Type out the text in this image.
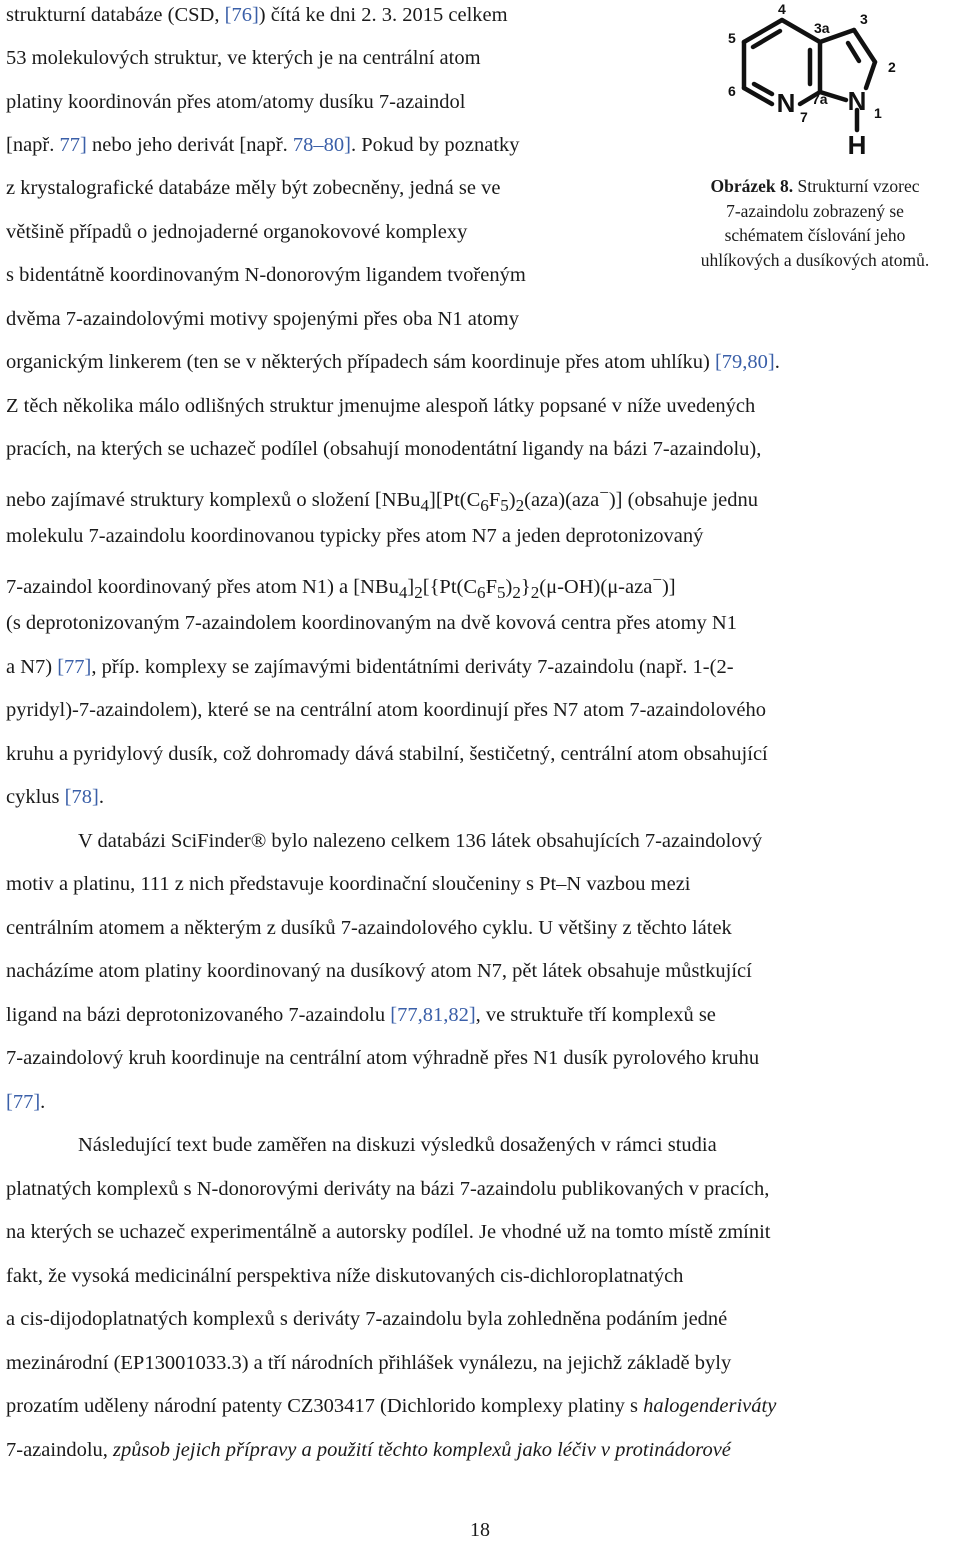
N 7
N 1
H
2
3
3a
4
5
6	7a
Obrázek 8. Strukturní vzorec
7-azaindolu zobrazený se
schématem číslování jeho
uhlíkových a dusíkových atomů.
strukturní databáze (CSD, [76]) čítá ke dni 2. 3. 2015 celkem
53 molekulových struktur, ve kterých je na centrální atom
platiny koordinován přes atom/atomy dusíku 7-azaindol
[např. 77] nebo jeho derivát [např. 78–80]. Pokud by poznatky
z krystalografické databáze měly být zobecněny, jedná se ve
většině případů o jednojaderné organokovové komplexy
s bidentátně koordinovaným N-donorovým ligandem tvořeným
dvěma 7-azaindolovými motivy spojenými přes oba N1 atomy
organickým linkerem (ten se v některých případech sám koordinuje přes atom uhlíku) [79,80].
Z těch několika málo odlišných struktur jmenujme alespoň látky popsané v níže uvedených
pracích, na kterých se uchazeč podílel (obsahují monodentátní ligandy na bázi 7-azaindolu),
nebo zajímavé struktury komplexů o složení $[NBu_4][Pt(C_6F_5)_2(aza)(aza^-)]$ (obsahuje jednu
molekulu 7-azaindolu koordinovanou typicky přes atom N7 a jeden deprotonizovaný
7-azaindol koordinovaný přes atom N1) a $[NBu_4]_2[\{Pt(C_6F_5)_2\}_2(\mu-OH)(\mu-aza^-)]$
(s deprotonizovaným 7-azaindolem koordinovaným na dvě kovová centra přes atomy N1
a N7) [77], příp. komplexy se zajímavými bidentátními deriváty 7-azaindolu (např. 1-(2-
pyridyl)-7-azaindolem), které se na centrální atom koordinují přes N7 atom 7-azaindolového
kruhu a pyridylový dusík, což dohromady dává stabilní, šestičetný, centrální atom obsahující
cyklus [78].
V databázi SciFinder® bylo nalezeno celkem 136 látek obsahujících 7-azaindolový
motiv a platinu, 111 z nich představuje koordinační sloučeniny s Pt–N vazbou mezi
centrálním atomem a některým z dusíků 7-azaindolového cyklu. U většiny z těchto látek
nacházíme atom platiny koordinovaný na dusíkový atom N7, pět látek obsahuje můstkující
ligand na bázi deprotonizovaného 7-azaindolu [77,81,82], ve struktuře tří komplexů se
7-azaindolový kruh koordinuje na centrální atom výhradně přes N1 dusík pyrolového kruhu
[77].
Následující text bude zaměřen na diskuzi výsledků dosažených v rámci studia
platnatých komplexů s N-donorovými deriváty na bázi 7-azaindolu publikovaných v pracích,
na kterých se uchazeč experimentálně a autorsky podílel. Je vhodné už na tomto místě zmínit
fakt, že vysoká medicinální perspektiva níže diskutovaných cis-dichloroplatnatých
a cis-dijodoplatnatých komplexů s deriváty 7-azaindolu byla zohledněna podáním jedné
mezinárodní (EP13001033.3) a tří národních přihlášek vynálezu, na jejichž základě byly
prozatím uděleny národní patenty CZ303417 (Dichlorido komplexy platiny s halogenderiváty
7-azaindolu, způsob jejich přípravy a použití těchto komplexů jako léčiv v protinádorové
18
